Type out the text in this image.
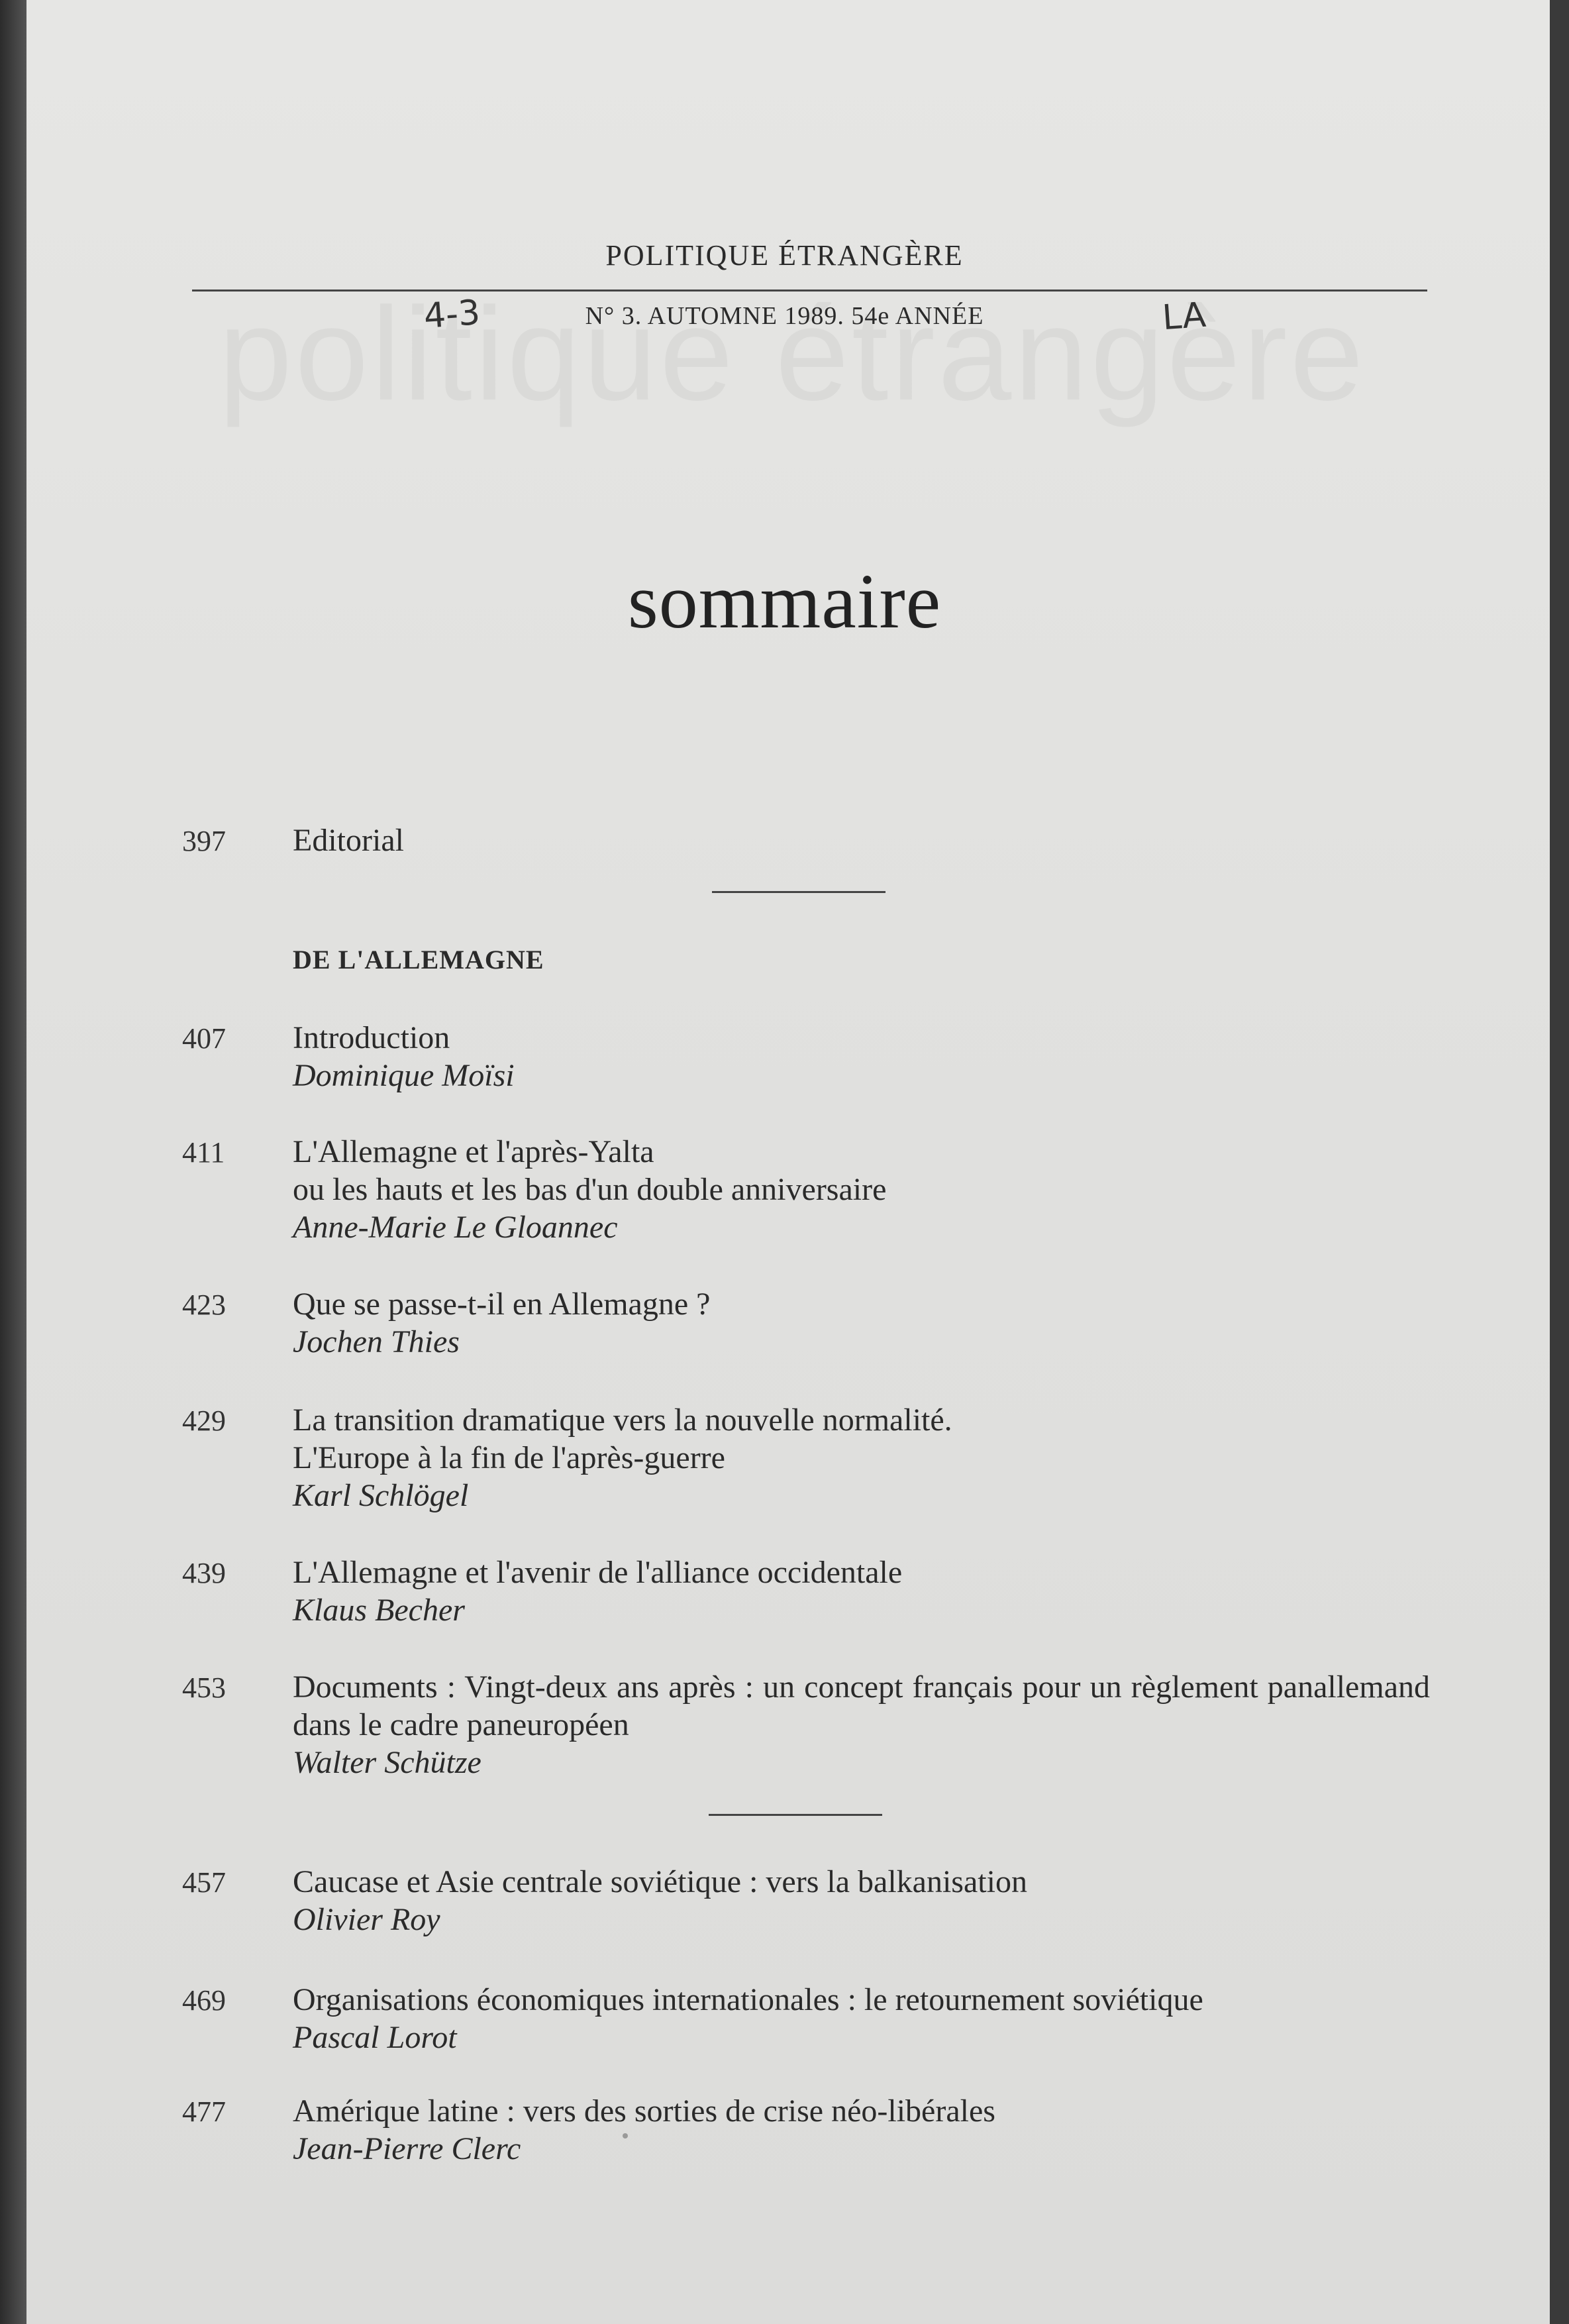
POLITIQUE ÉTRANGÈRE
N° 3. AUTOMNE 1989. 54e ANNÉE
4-3	LA
sommaire
397 Editorial
DE L'ALLEMAGNE
407 Introduction
Dominique Moïsi
411 L'Allemagne et l'après-Yalta
ou les hauts et les bas d'un double anniversaire
Anne-Marie Le Gloannec
423 Que se passe-t-il en Allemagne ?
Jochen Thies
429 La transition dramatique vers la nouvelle normalité.
L'Europe à la fin de l'après-guerre
Karl Schlögel
439 L'Allemagne et l'avenir de l'alliance occidentale
Klaus Becher
453 Documents : Vingt-deux ans après : un concept français pour un règlement panallemand dans le cadre paneuropéen
Walter Schütze
457 Caucase et Asie centrale soviétique : vers la balkanisation
Olivier Roy
469 Organisations économiques internationales : le retournement soviétique
Pascal Lorot
477 Amérique latine : vers des sorties de crise néo-libérales
Jean-Pierre Clerc
